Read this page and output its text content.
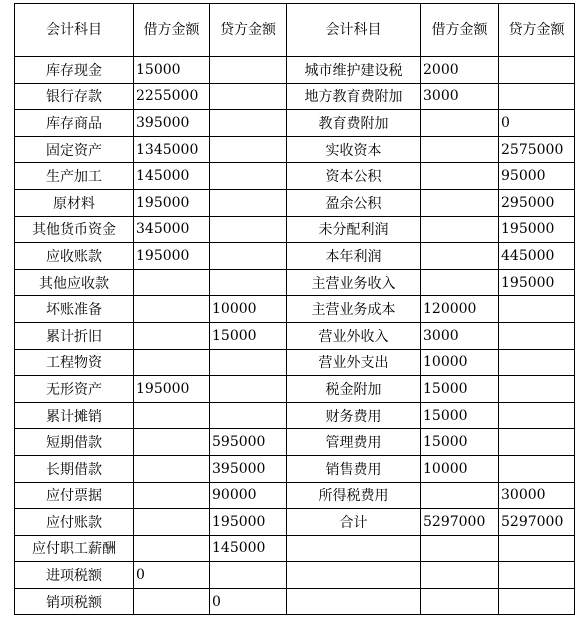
会计科目	借方金额	贷方金额	会计科目	借方金额	贷方金额
库存现金	15000		城市维护建设税	2000	
银行存款	2255000		地方教育费附加	3000	
库存商品	395000		教育费附加		0
固定资产	1345000		实收资本		2575000
生产加工	145000		资本公积		95000
原材料	195000		盈余公积		295000
其他货币资金	345000		未分配利润		195000
应收账款	195000		本年利润		445000
其他应收款			主营业务收入		195000
坏账准备		10000	主营业务成本	120000	
累计折旧		15000	营业外收入	3000	
工程物资			营业外支出	10000	
无形资产	195000		税金附加	15000	
累计摊销			财务费用	15000	
短期借款		595000	管理费用	15000	
长期借款		395000	销售费用	10000	
应付票据		90000	所得税费用		30000
应付账款		195000	合计	5297000	5297000
应付职工薪酬		145000			
进项税额	0				
销项税额		0			
